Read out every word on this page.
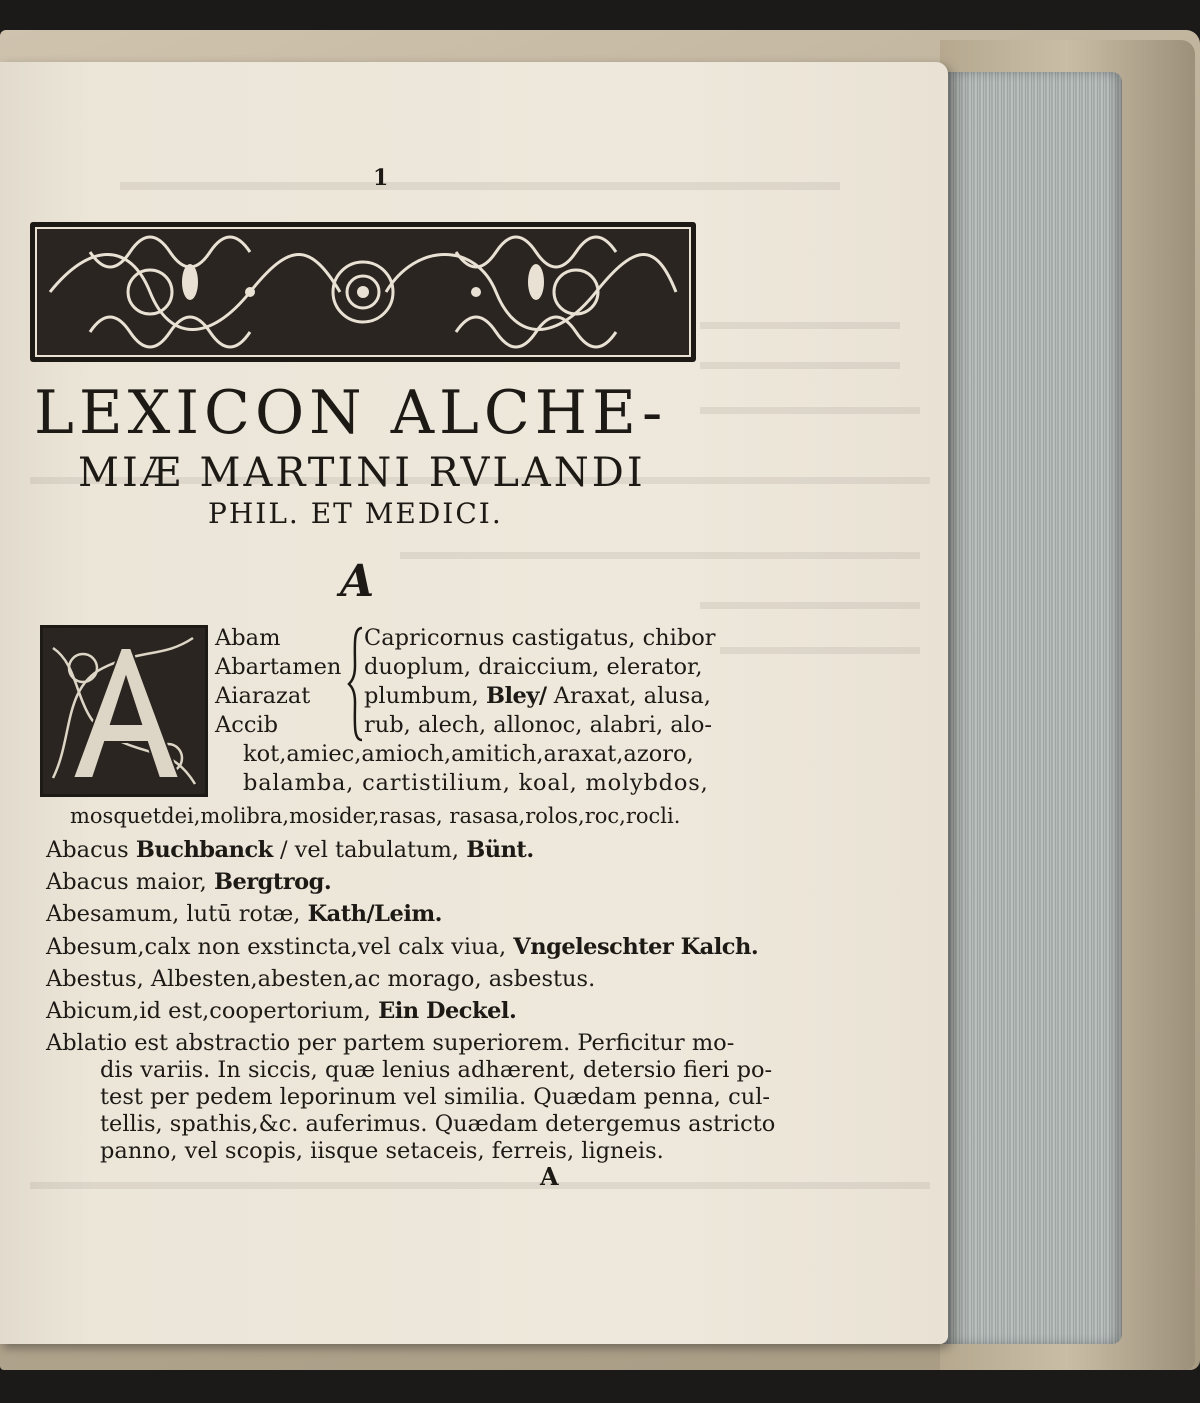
1
LEXICON ALCHE-
MIÆ MARTINI RVLANDI
PHIL. ET MEDICI.
A
Abam
Abartamen
Aiarazat
Accib
Capricornus castigatus, chibor
duoplum, draiccium, elerator,
plumbum, Bley/ Araxat, alusa,
rub, alech, allonoc, alabri, alo-
kot,amiec,amioch,amitich,araxat,azoro,
balamba, cartistilium, koal, molybdos,
mosquetdei,molibra,mosider,rasas, rasasa,rolos,roc,rocli.
Abacus Buchbanck / vel tabulatum, Bünt.
Abacus maior, Bergtrog.
Abesamum, lutū rotæ, Kath/Leim.
Abesum,calx non exstincta,vel calx viua, Vngeleschter Kalch.
Abestus, Albesten,abesten,ac morago, asbestus.
Abicum,id est,coopertorium, Ein Deckel.
Ablatio est abstractio per partem superiorem. Perficitur mo-
dis variis. In siccis, quæ lenius adhærent, detersio fieri po-
test per pedem leporinum vel similia. Quædam penna, cul-
tellis, spathis,&c. auferimus. Quædam detergemus astricto
panno, vel scopis, iisque setaceis, ferreis, ligneis.
A
